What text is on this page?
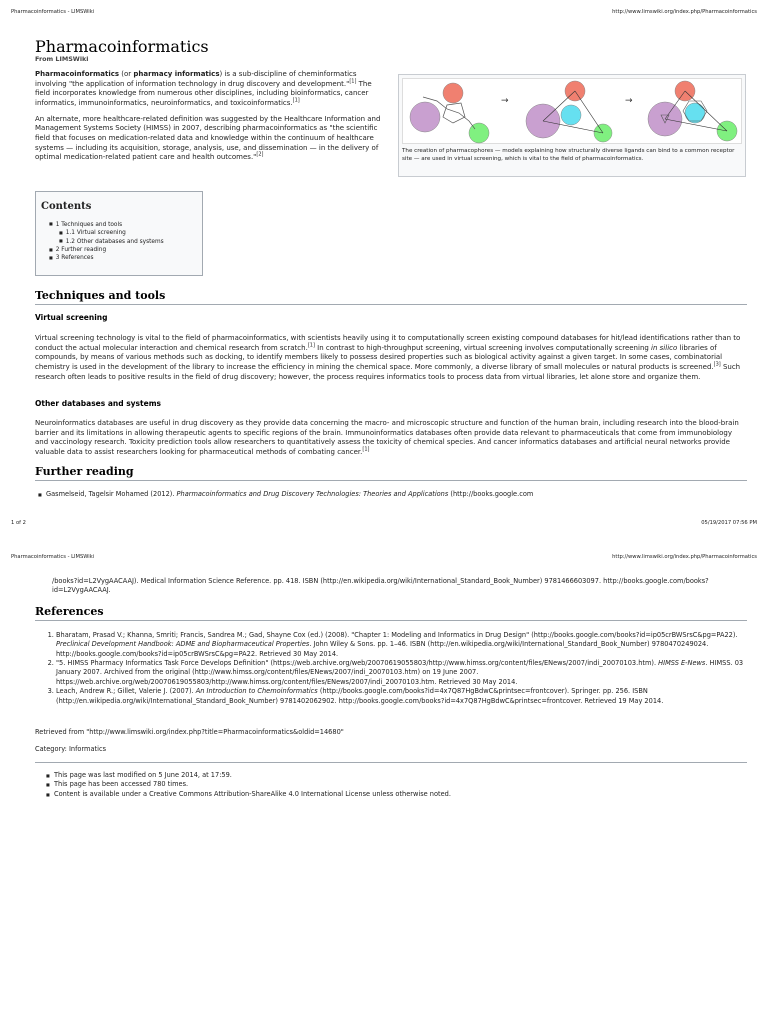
Pharmacoinformatics - LIMSWiki	http://www.limswiki.org/index.php/Pharmacoinformatics
Pharmacoinformatics
From LIMSWiki

Pharmacoinformatics (or pharmacy informatics) is a sub-discipline of cheminformatics involving "the application of information technology in drug discovery and development."[1] The field incorporates knowledge from numerous other disciplines, including bioinformatics, cancer informatics, immunoinformatics, neuroinformatics, and toxicoinformatics.[1]

An alternate, more healthcare-related definition was suggested by the Healthcare Information and Management Systems Society (HIMSS) in 2007, describing pharmacoinformatics as "the scientific field that focuses on medication-related data and knowledge within the continuum of healthcare systems — including its acquisition, storage, analysis, use, and dissemination — in the delivery of optimal medication-related patient care and health outcomes."[2]

→	→
The creation of pharmacophores — models explaining how structurally diverse ligands can bind to a common receptor site — are used in virtual screening, which is vital to the field of pharmacoinformatics.
Contents
■ 1 Techniques and tools
■ 1.1 Virtual screening
■ 1.2 Other databases and systems
■ 2 Further reading
■ 3 References
Techniques and tools
Virtual screening
Virtual screening technology is vital to the field of pharmacoinformatics, with scientists heavily using it to computationally screen existing compound databases for hit/lead identifications rather than to conduct the actual molecular interaction and chemical research from scratch.[1] In contrast to high-throughput screening, virtual screening involves computationally screening in silico libraries of compounds, by means of various methods such as docking, to identify members likely to possess desired properties such as biological activity against a given target. In some cases, combinatorial chemistry is used in the development of the library to increase the efficiency in mining the chemical space. More commonly, a diverse library of small molecules or natural products is screened.[3] Such research often leads to positive results in the field of drug discovery; however, the process requires informatics tools to process data from virtual libraries, let alone store and organize them.
Other databases and systems
Neuroinformatics databases are useful in drug discovery as they provide data concerning the macro- and microscopic structure and function of the human brain, including research into the blood-brain barrier and its limitations in allowing therapeutic agents to specific regions of the brain. Immunoinformatics databases often provide data relevant to pharmaceuticals that come from immunobiology and vaccinology research. Toxicity prediction tools allow researchers to quantitatively assess the toxicity of chemical species. And cancer informatics databases and artificial neural networks provide valuable data to assist researchers looking for pharmaceutical methods of combating cancer.[1]
Further reading
■ Gasmelseid, Tagelsir Mohamed (2012). Pharmacoinformatics and Drug Discovery Technologies: Theories and Applications (http://books.google.com
1 of 2	05/19/2017 07:56 PM
Pharmacoinformatics - LIMSWiki	http://www.limswiki.org/index.php/Pharmacoinformatics
/books?id=L2VygAACAAJ). Medical Information Science Reference. pp. 418. ISBN (http://en.wikipedia.org/wiki/International_Standard_Book_Number) 9781466603097. http://books.google.com/books?id=L2VygAACAAJ.
References
1. Bharatam, Prasad V.; Khanna, Smriti; Francis, Sandrea M.; Gad, Shayne Cox (ed.) (2008). "Chapter 1: Modeling and Informatics in Drug Design" (http://books.google.com/books?id=ip05crBWSrsC&pg=PA22). Preclinical Development Handbook: ADME and Biopharmaceutical Properties. John Wiley & Sons. pp. 1–46. ISBN (http://en.wikipedia.org/wiki/International_Standard_Book_Number) 9780470249024. http://books.google.com/books?id=ip05crBWSrsC&pg=PA22. Retrieved 30 May 2014.
2. "5. HIMSS Pharmacy Informatics Task Force Develops Definition" (https://web.archive.org/web/20070619055803/http://www.himss.org/content/files/ENews/2007/indi_20070103.htm). HIMSS E-News. HIMSS. 03 January 2007. Archived from the original (http://www.himss.org/content/files/ENews/2007/indi_20070103.htm) on 19 June 2007. https://web.archive.org/web/20070619055803/http://www.himss.org/content/files/ENews/2007/indi_20070103.htm. Retrieved 30 May 2014.
3. Leach, Andrew R.; Gillet, Valerie J. (2007). An Introduction to Chemoinformatics (http://books.google.com/books?id=4x7Q87HgBdwC&printsec=frontcover). Springer. pp. 256. ISBN (http://en.wikipedia.org/wiki/International_Standard_Book_Number) 9781402062902. http://books.google.com/books?id=4x7Q87HgBdwC&printsec=frontcover. Retrieved 19 May 2014.
Retrieved from "http://www.limswiki.org/index.php?title=Pharmacoinformatics&oldid=14680"
Category: Informatics
■ This page was last modified on 5 June 2014, at 17:59.
■ This page has been accessed 780 times.
■ Content is available under a Creative Commons Attribution-ShareAlike 4.0 International License unless otherwise noted.
